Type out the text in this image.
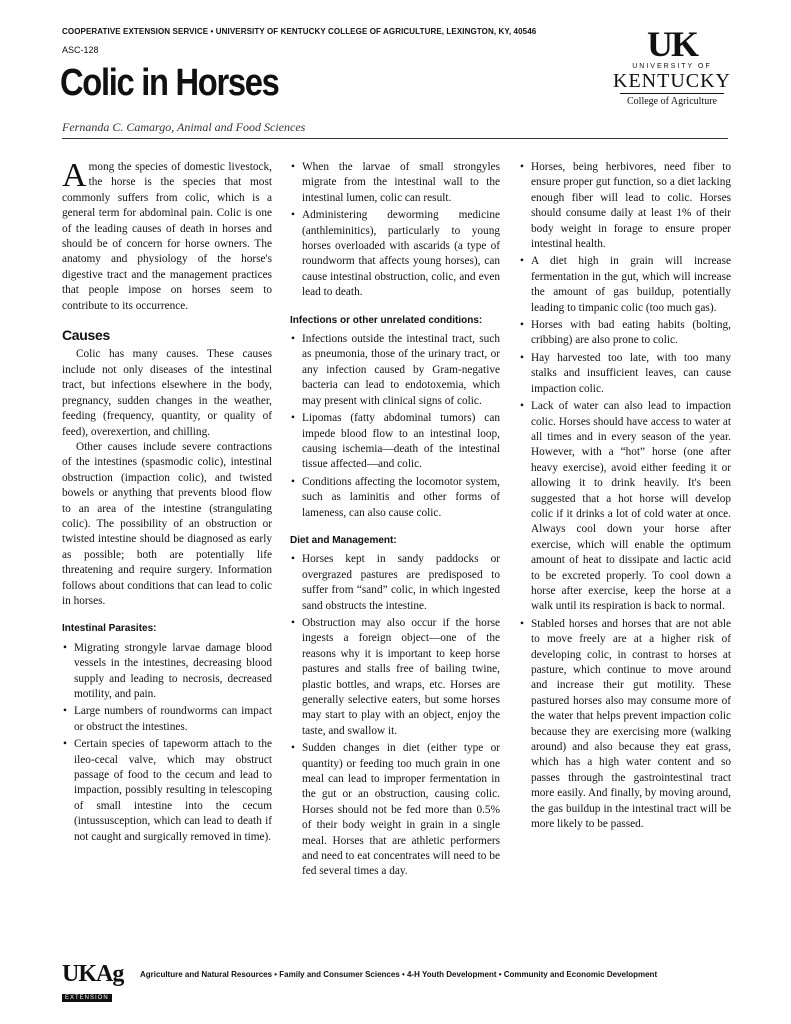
COOPERATIVE EXTENSION SERVICE • UNIVERSITY OF KENTUCKY COLLEGE OF AGRICULTURE, LEXINGTON, KY, 40546
ASC-128
Colic in Horses
Fernanda C. Camargo, Animal and Food Sciences
UK
UNIVERSITY OF
KENTUCKY
College of Agriculture

Among the species of domestic livestock, the horse is the species that most commonly suffers from colic, which is a general term for abdominal pain. Colic is one of the leading causes of death in horses and should be of concern for horse owners. The anatomy and physiology of the horse's digestive tract and the management practices that people impose on horses seem to contribute to its occurrence.

Causes

Colic has many causes. These causes include not only diseases of the intestinal tract, but infections elsewhere in the body, pregnancy, sudden changes in the weather, feeding (frequency, quantity, or quality of feed), overexertion, and chilling.

Other causes include severe contractions of the intestines (spasmodic colic), intestinal obstruction (impaction colic), and twisted bowels or anything that prevents blood flow to an area of the intestine (strangulating colic). The possibility of an obstruction or twisted intestine should be diagnosed as early as possible; both are potentially life threatening and require surgery. Information follows about conditions that can lead to colic in horses.

Intestinal Parasites:
• Migrating strongyle larvae damage blood vessels in the intestines, decreasing blood supply and leading to necrosis, decreased motility, and pain.
• Large numbers of roundworms can impact or obstruct the intestines.
• Certain species of tapeworm attach to the ileo-cecal valve, which may obstruct passage of food to the cecum and lead to impaction, possibly resulting in telescoping of small intestine into the cecum (intussusception, which can lead to death if not caught and surgically removed in time).
• When the larvae of small strongyles migrate from the intestinal wall to the intestinal lumen, colic can result.
• Administering deworming medicine (anthleminitics), particularly to young horses overloaded with ascarids (a type of roundworm that affects young horses), can cause intestinal obstruction, colic, and even lead to death.
Infections or other unrelated conditions:
• Infections outside the intestinal tract, such as pneumonia, those of the urinary tract, or any infection caused by Gram-negative bacteria can lead to endotoxemia, which may present with clinical signs of colic.
• Lipomas (fatty abdominal tumors) can impede blood flow to an intestinal loop, causing ischemia—death of the intestinal tissue affected—and colic.
• Conditions affecting the locomotor system, such as laminitis and other forms of lameness, can also cause colic.
Diet and Management:
• Horses kept in sandy paddocks or overgrazed pastures are predisposed to suffer from “sand” colic, in which ingested sand obstructs the intestine.
• Obstruction may also occur if the horse ingests a foreign object—one of the reasons why it is important to keep horse pastures and stalls free of bailing twine, plastic bottles, and wraps, etc. Horses are generally selective eaters, but some horses may start to play with an object, enjoy the taste, and swallow it.
• Sudden changes in diet (either type or quantity) or feeding too much grain in one meal can lead to improper fermentation in the gut or an obstruction, causing colic. Horses should not be fed more than 0.5% of their body weight in grain in a single meal. Horses that are athletic performers and need to eat concentrates will need to be fed several times a day.
• Horses, being herbivores, need fiber to ensure proper gut function, so a diet lacking enough fiber will lead to colic. Horses should consume daily at least 1% of their body weight in forage to ensure proper intestinal health.
• A diet high in grain will increase fermentation in the gut, which will increase the amount of gas buildup, potentially leading to timpanic colic (too much gas).
• Horses with bad eating habits (bolting, cribbing) are also prone to colic.
• Hay harvested too late, with too many stalks and insufficient leaves, can cause impaction colic.
• Lack of water can also lead to impaction colic. Horses should have access to water at all times and in every season of the year. However, with a “hot” horse (one after heavy exercise), avoid either feeding it or allowing it to drink heavily. It's been suggested that a hot horse will develop colic if it drinks a lot of cold water at once. Always cool down your horse after exercise, which will enable the optimum amount of heat to dissipate and lactic acid to be excreted properly. To cool down a horse after exercise, keep the horse at a walk until its respiration is back to normal.
• Stabled horses and horses that are not able to move freely are at a higher risk of developing colic, in contrast to horses at pasture, which continue to move around and increase their gut motility. These pastured horses also may consume more of the water that helps prevent impaction colic because they are exercising more (walking around) and also because they eat grass, which has a high water content and so passes through the gastrointestinal tract more easily. And finally, by moving around, the gas buildup in the intestinal tract will be more likely to be passed.
UKAg
EXTENSION
Agriculture and Natural Resources • Family and Consumer Sciences • 4-H Youth Development • Community and Economic Development
